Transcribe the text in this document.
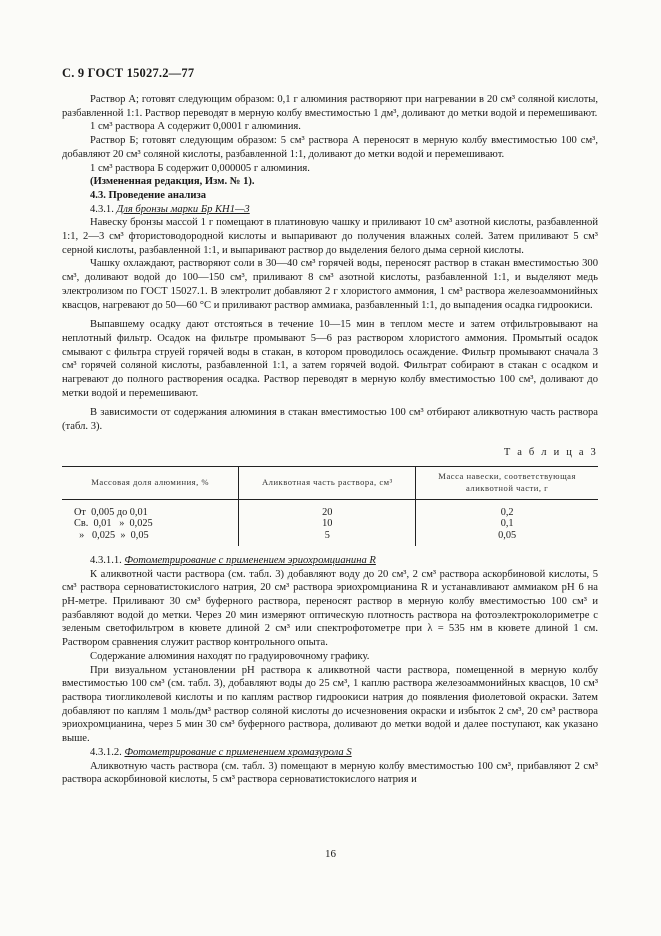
С. 9 ГОСТ 15027.2—77

Раствор А; готовят следующим образом: 0,1 г алюминия растворяют при нагревании в 20 см³ соляной кислоты, разбавленной 1:1. Раствор переводят в мерную колбу вместимостью 1 дм³, доливают до метки водой и перемешивают.

1 см³ раствора А содержит 0,0001 г алюминия.

Раствор Б; готовят следующим образом: 5 см³ раствора А переносят в мерную колбу вместимостью 100 см³, добавляют 20 см³ соляной кислоты, разбавленной 1:1, доливают до метки водой и перемешивают.

1 см³ раствора Б содержит 0,000005 г алюминия.

(Измененная редакция, Изм. № 1).

4.3. Проведение анализа

4.3.1. Для бронзы марки Бр КН1—3

Навеску бронзы массой 1 г помещают в платиновую чашку и приливают 10 см³ азотной кислоты, разбавленной 1:1, 2—3 см³ фтористоводородной кислоты и выпаривают до получения влажных солей. Затем приливают 5 см³ серной кислоты, разбавленной 1:1, и выпаривают раствор до выделения белого дыма серной кислоты.

Чашку охлаждают, растворяют соли в 30—40 см³ горячей воды, переносят раствор в стакан вместимостью 300 см³, доливают водой до 100—150 см³, приливают 8 см³ азотной кислоты, разбавленной 1:1, и выделяют медь электролизом по ГОСТ 15027.1. В электролит добавляют 2 г хлористого аммония, 1 см³ раствора железоаммонийных квасцов, нагревают до 50—60 °С и приливают раствор аммиака, разбавленный 1:1, до выпадения осадка гидроокиси.

Выпавшему осадку дают отстояться в течение 10—15 мин в теплом месте и затем отфильтровывают на неплотный фильтр. Осадок на фильтре промывают 5—6 раз раствором хлористого аммония. Промытый осадок смывают с фильтра струей горячей воды в стакан, в котором проводилось осаждение. Фильтр промывают сначала 3 см³ горячей соляной кислоты, разбавленной 1:1, а затем горячей водой. Фильтрат собирают в стакан с осадком и нагревают до полного растворения осадка. Раствор переводят в мерную колбу вместимостью 100 см³, доливают до метки водой и перемешивают.

В зависимости от содержания алюминия в стакан вместимостью 100 см³ отбирают аликвотную часть раствора (табл. 3).

Т а б л и ц а 3
Массовая доля алюминия, %	Аликвотная часть раствора, см³	Масса навески, соответствующая аликвотной части, г

От  0,005 до 0,01	20	0,2
Св.  0,01   »  0,025	10	0,1
»   0,025  »  0,05	5	0,05

4.3.1.1. Фотометрирование с применением эриохромцианина R

К аликвотной части раствора (см. табл. 3) добавляют воду до 20 см³, 2 см³ раствора аскорбиновой кислоты, 5 см³ раствора серноватистокислого натрия, 20 см³ раствора эриохромцианина R и устанавливают аммиаком рН 6 на рН-метре. Приливают 30 см³ буферного раствора, переносят раствор в мерную колбу вместимостью 100 см³ и разбавляют водой до метки. Через 20 мин измеряют оптическую плотность раствора на фотоэлектроколориметре с зеленым светофильтром в кювете длиной 2 см³ или спектрофотометре при λ = 535 нм в кювете длиной 1 см. Раствором сравнения служит раствор контрольного опыта.

Содержание алюминия находят по градуировочному графику.

При визуальном установлении рН раствора к аликвотной части раствора, помещенной в мерную колбу вместимостью 100 см³ (см. табл. 3), добавляют воды до 25 см³, 1 каплю раствора железоаммонийных квасцов, 10 см³ раствора тиогликолевой кислоты и по каплям раствор гидроокиси натрия до появления фиолетовой окраски. Затем добавляют по каплям 1 моль/дм³ раствор соляной кислоты до исчезновения окраски и избыток 2 см³, 20 см³ раствора эриохромцианина, через 5 мин 30 см³ буферного раствора, доливают до метки водой и далее поступают, как указано выше.

4.3.1.2. Фотометрирование с применением хромазурола S

Аликвотную часть раствора (см. табл. 3) помещают в мерную колбу вместимостью 100 см³, прибавляют 2 см³ раствора аскорбиновой кислоты, 5 см³ раствора серноватистокислого натрия и

16
